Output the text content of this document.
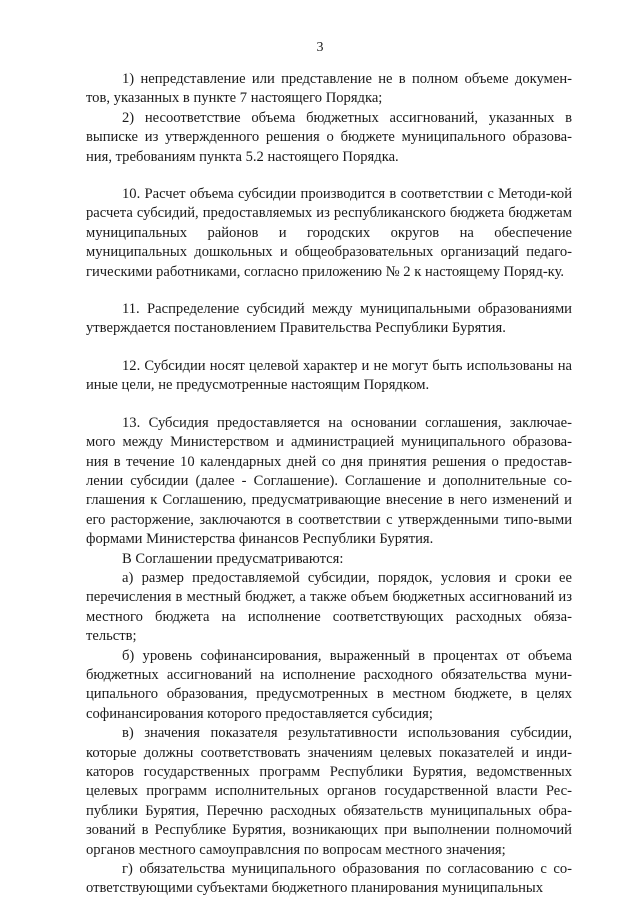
3

1) непредставление или представление не в полном объеме докумен-тов, указанных в пункте 7 настоящего Порядка;

2) несоответствие объема бюджетных ассигнований, указанных в выписке из утвержденного решения о бюджете муниципального образова-ния, требованиям пункта 5.2 настоящего Порядка.

10. Расчет объема субсидии производится в соответствии с Методи-кой расчета субсидий, предоставляемых из республиканского бюджета бюджетам муниципальных районов и городских округов на обеспечение муниципальных дошкольных и общеобразовательных организаций педаго-гическими работниками, согласно приложению № 2 к настоящему Поряд-ку.

11. Распределение субсидий между муниципальными образованиями утверждается постановлением Правительства Республики Бурятия.

12. Субсидии носят целевой характер и не могут быть использованы на иные цели, не предусмотренные настоящим Порядком.

13. Субсидия предоставляется на основании соглашения, заключае-мого между Министерством и администрацией муниципального образова-ния в течение 10 календарных дней со дня принятия решения о предостав-лении субсидии (далее - Соглашение). Соглашение и дополнительные со-глашения к Соглашению, предусматривающие внесение в него изменений и его расторжение, заключаются в соответствии с утвержденными типо-выми формами Министерства финансов Республики Бурятия.

В Соглашении предусматриваются:

а) размер предоставляемой субсидии, порядок, условия и сроки ее перечисления в местный бюджет, а также объем бюджетных ассигнований из местного бюджета на исполнение соответствующих расходных обяза-тельств;

б) уровень софинансирования, выраженный в процентах от объема бюджетных ассигнований на исполнение расходного обязательства муни-ципального образования, предусмотренных в местном бюджете, в целях софинансирования которого предоставляется субсидия;

в) значения показателя результативности использования субсидии, которые должны соответствовать значениям целевых показателей и инди-каторов государственных программ Республики Бурятия, ведомственных целевых программ исполнительных органов государственной власти Рес-публики Бурятия, Перечню расходных обязательств муниципальных обра-зований в Республике Бурятия, возникающих при выполнении полномочий органов местного самоуправлсния по вопросам местного значения;

г) обязательства муниципального образования по согласованию с со-ответствующими субъектами бюджетного планирования муниципальных
